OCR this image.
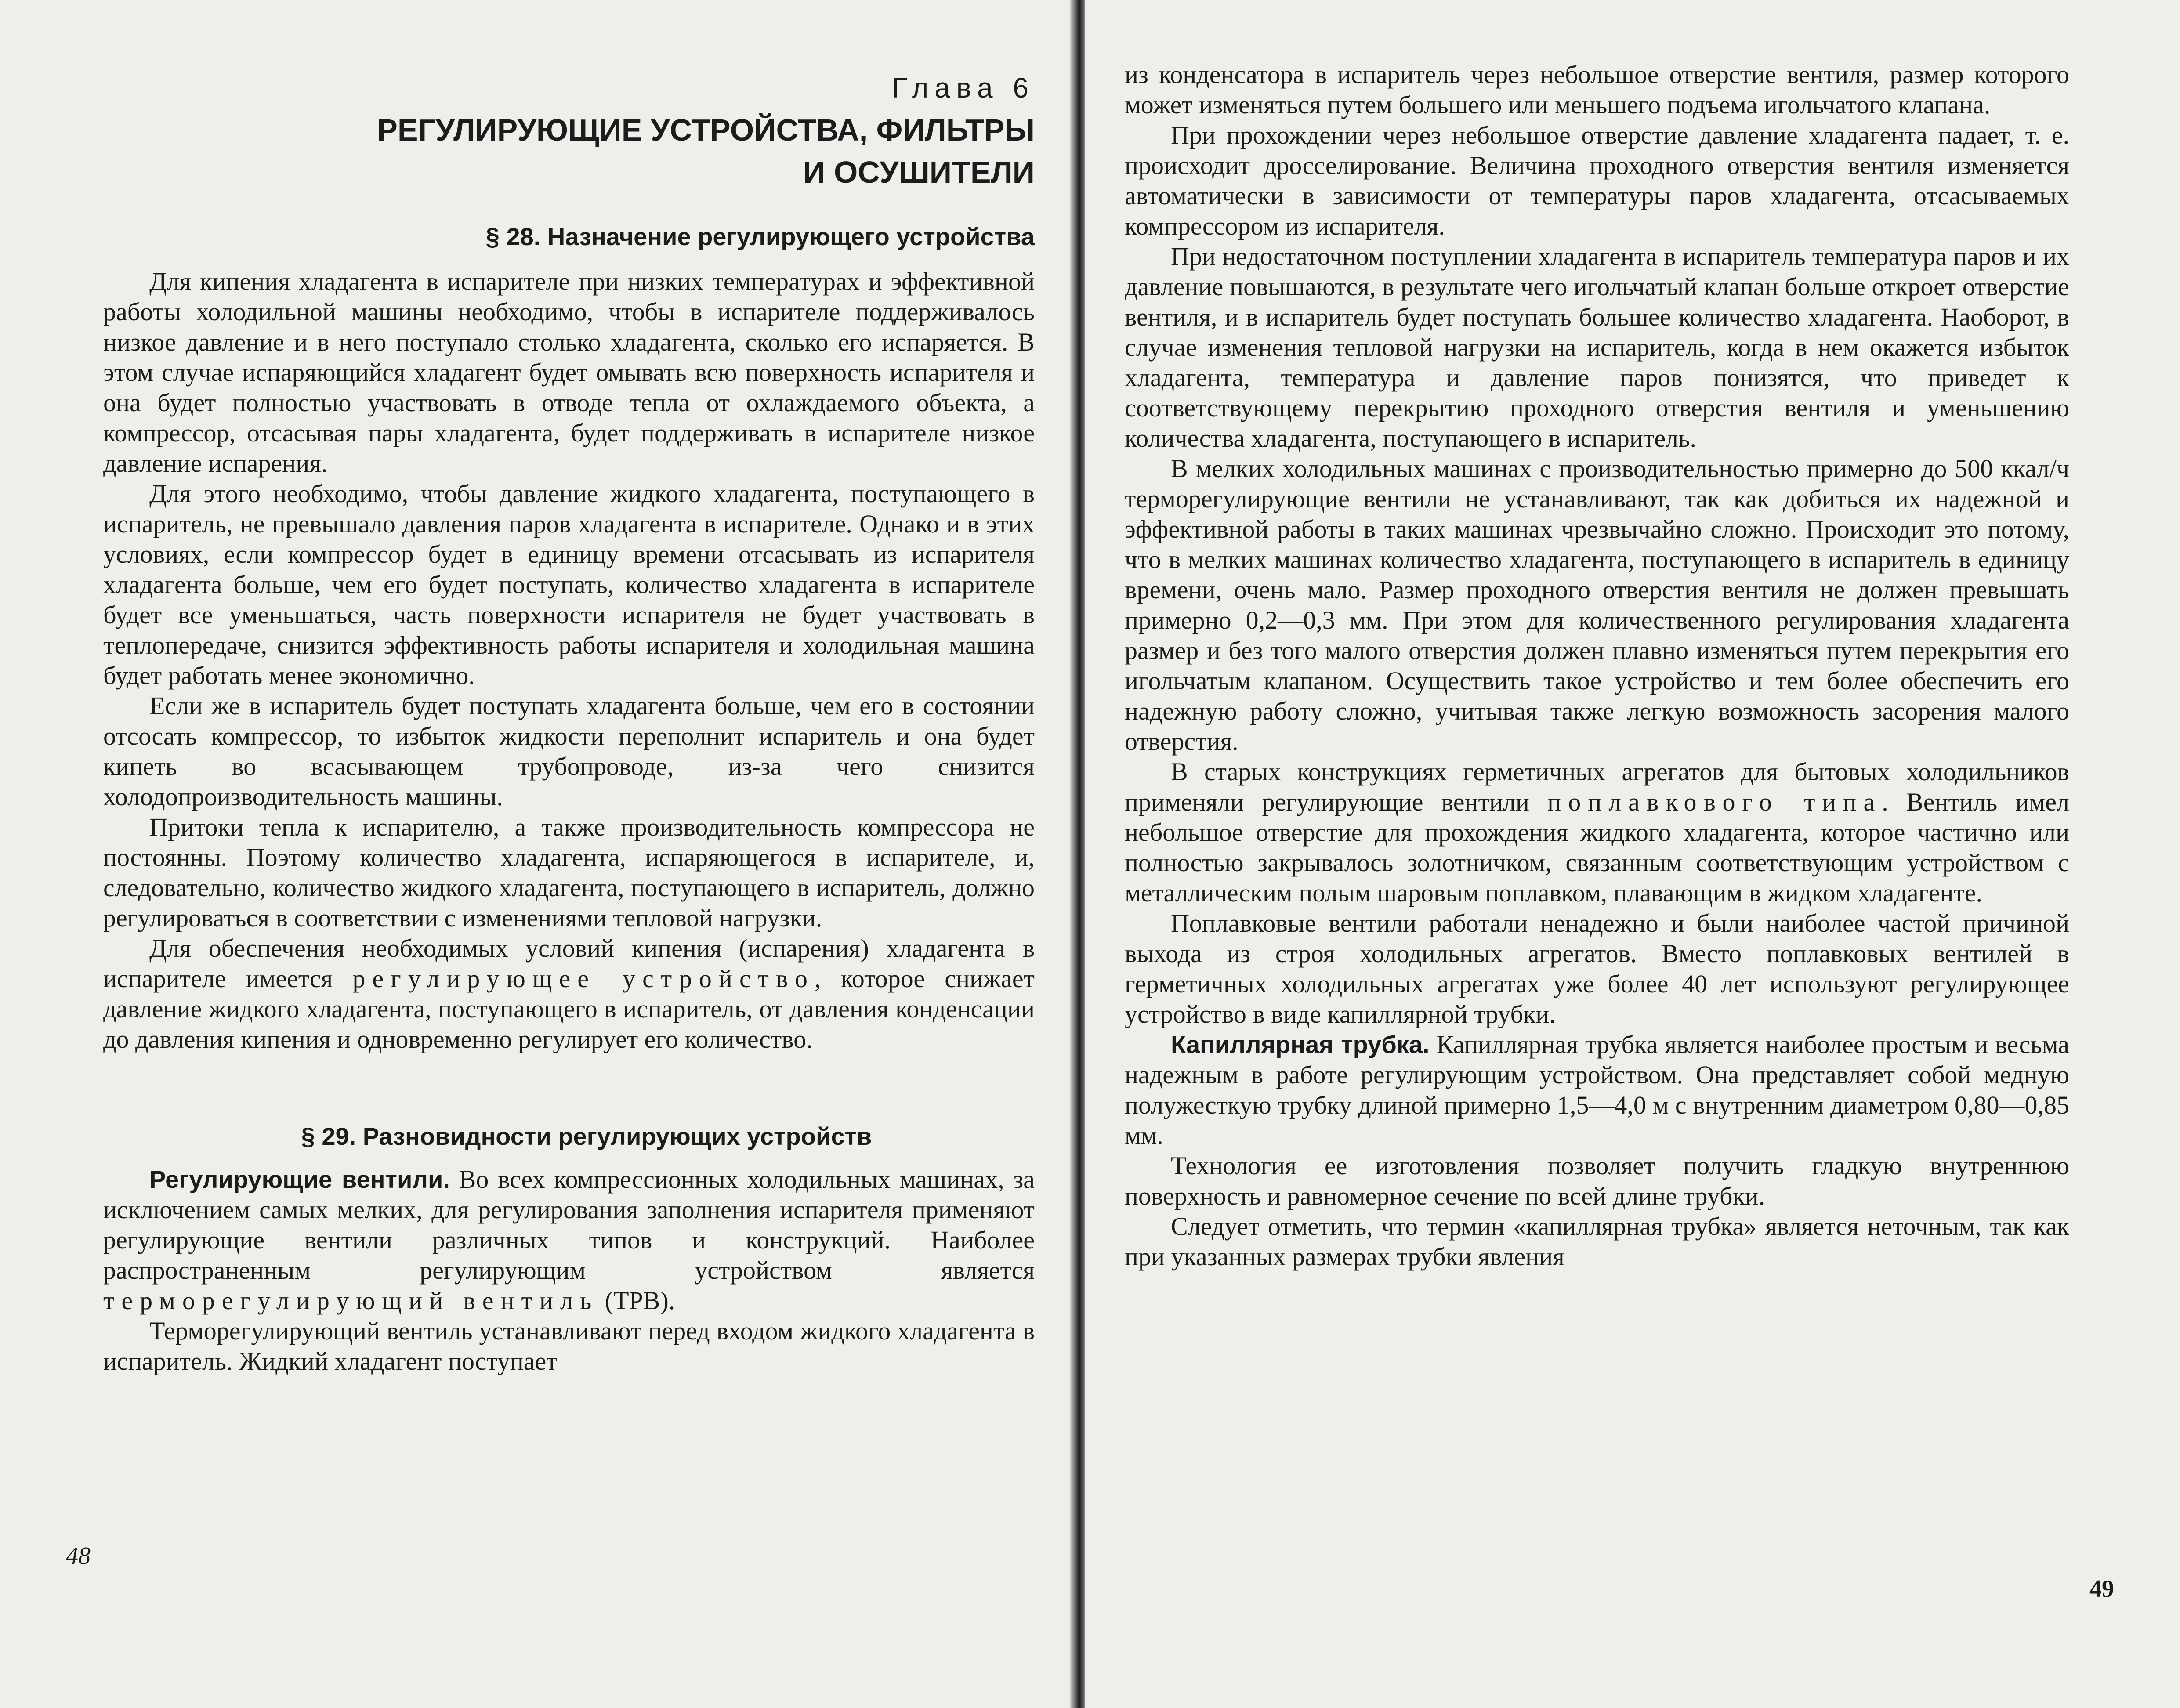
Глава 6
РЕГУЛИРУЮЩИЕ УСТРОЙСТВА, ФИЛЬТРЫ
И ОСУШИТЕЛИ
§ 28. Назначение регулирующего устройства

Для кипения хладагента в испарителе при низких температурах и эффективной работы холодильной машины необходимо, чтобы в испарителе поддерживалось низкое давление и в него поступало столько хладагента, сколько его испаряется. В этом случае испаряющийся хладагент будет омывать всю поверхность испарителя и она будет полностью участвовать в отводе тепла от охлаждаемого объекта, а компрессор, отсасывая пары хладагента, будет поддерживать в испарителе низкое давление испарения.

Для этого необходимо, чтобы давление жидкого хладагента, поступающего в испаритель, не превышало давления паров хладагента в испарителе. Однако и в этих условиях, если компрессор будет в единицу времени отсасывать из испарителя хладагента больше, чем его будет поступать, количество хладагента в испарителе будет все уменьшаться, часть поверхности испарителя не будет участвовать в теплопередаче, снизится эффективность работы испарителя и холодильная машина будет работать менее экономично.

Если же в испаритель будет поступать хладагента больше, чем его в состоянии отсосать компрессор, то избыток жидкости переполнит испаритель и она будет кипеть во всасывающем трубопроводе, из-за чего снизится холодопроизводительность машины.

Притоки тепла к испарителю, а также производительность компрессора не постоянны. Поэтому количество хладагента, испаряющегося в испарителе, и, следовательно, количество жидкого хладагента, поступающего в испаритель, должно регулироваться в соответствии с изменениями тепловой нагрузки.

Для обеспечения необходимых условий кипения (испарения) хладагента в испарителе имеется регулирующее устройство, которое снижает давление жидкого хладагента, поступающего в испаритель, от давления конденсации до давления кипения и одновременно регулирует его количество.

§ 29. Разновидности регулирующих устройств

Регулирующие вентили. Во всех компрессионных холодильных машинах, за исключением самых мелких, для регулирования заполнения испарителя применяют регулирующие вентили различных типов и конструкций. Наиболее распространенным регулирующим устройством является терморегулирующий вентиль (ТРВ).

Терморегулирующий вентиль устанавливают перед входом жидкого хладагента в испаритель. Жидкий хладагент поступает

48

из конденсатора в испаритель через небольшое отверстие вентиля, размер которого может изменяться путем большего или меньшего подъема игольчатого клапана.

При прохождении через небольшое отверстие давление хладагента падает, т. е. происходит дросселирование. Величина проходного отверстия вентиля изменяется автоматически в зависимости от температуры паров хладагента, отсасываемых компрессором из испарителя.

При недостаточном поступлении хладагента в испаритель температура паров и их давление повышаются, в результате чего игольчатый клапан больше откроет отверстие вентиля, и в испаритель будет поступать большее количество хладагента. Наоборот, в случае изменения тепловой нагрузки на испаритель, когда в нем окажется избыток хладагента, температура и давление паров понизятся, что приведет к соответствующему перекрытию проходного отверстия вентиля и уменьшению количества хладагента, поступающего в испаритель.

В мелких холодильных машинах с производительностью примерно до 500 ккал/ч терморегулирующие вентили не устанавливают, так как добиться их надежной и эффективной работы в таких машинах чрезвычайно сложно. Происходит это потому, что в мелких машинах количество хладагента, поступающего в испаритель в единицу времени, очень мало. Размер проходного отверстия вентиля не должен превышать примерно 0,2—0,3 мм. При этом для количественного регулирования хладагента размер и без того малого отверстия должен плавно изменяться путем перекрытия его игольчатым клапаном. Осуществить такое устройство и тем более обеспечить его надежную работу сложно, учитывая также легкую возможность засорения малого отверстия.

В старых конструкциях герметичных агрегатов для бытовых холодильников применяли регулирующие вентили поплавкового типа. Вентиль имел небольшое отверстие для прохождения жидкого хладагента, которое частично или полностью закрывалось золотничком, связанным соответствующим устройством с металлическим полым шаровым поплавком, плавающим в жидком хладагенте.

Поплавковые вентили работали ненадежно и были наиболее частой причиной выхода из строя холодильных агрегатов. Вместо поплавковых вентилей в герметичных холодильных агрегатах уже более 40 лет используют регулирующее устройство в виде капиллярной трубки.

Капиллярная трубка. Капиллярная трубка является наиболее простым и весьма надежным в работе регулирующим устройством. Она представляет собой медную полужесткую трубку длиной примерно 1,5—4,0 м с внутренним диаметром 0,80—0,85 мм.

Технология ее изготовления позволяет получить гладкую внутреннюю поверхность и равномерное сечение по всей длине трубки.

Следует отметить, что термин «капиллярная трубка» является неточным, так как при указанных размерах трубки явления

49
